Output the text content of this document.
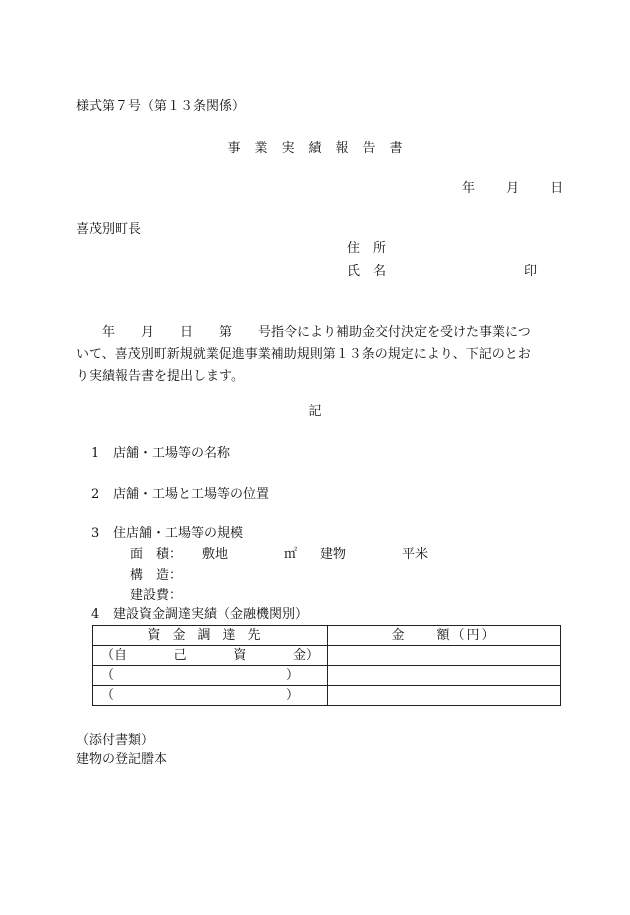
様式第７号（第１３条関係）
事業実績報告書
年 月 日
喜茂別町長
住　所
氏　名	印
　　年　　月　　日　　第　　号指令により補助金交付決定を受けた事業につ
いて、喜茂別町新規就業促進事業補助規則第１３条の規定により、下記のとお
り実績報告書を提出します。
記
1 店舗・工場等の名称
2 店舗・工場と工場等の位置
3 住店舗・工場等の規模
面　積： 敷地	㎡ 建物	平米
構　造：
建設費：
4 建設資金調達実績（金融機関別）
資金調達先	金　　額（円）

（自 己 資 金）	

（ ）	

（ ）	

（添付書類）
建物の登記謄本
